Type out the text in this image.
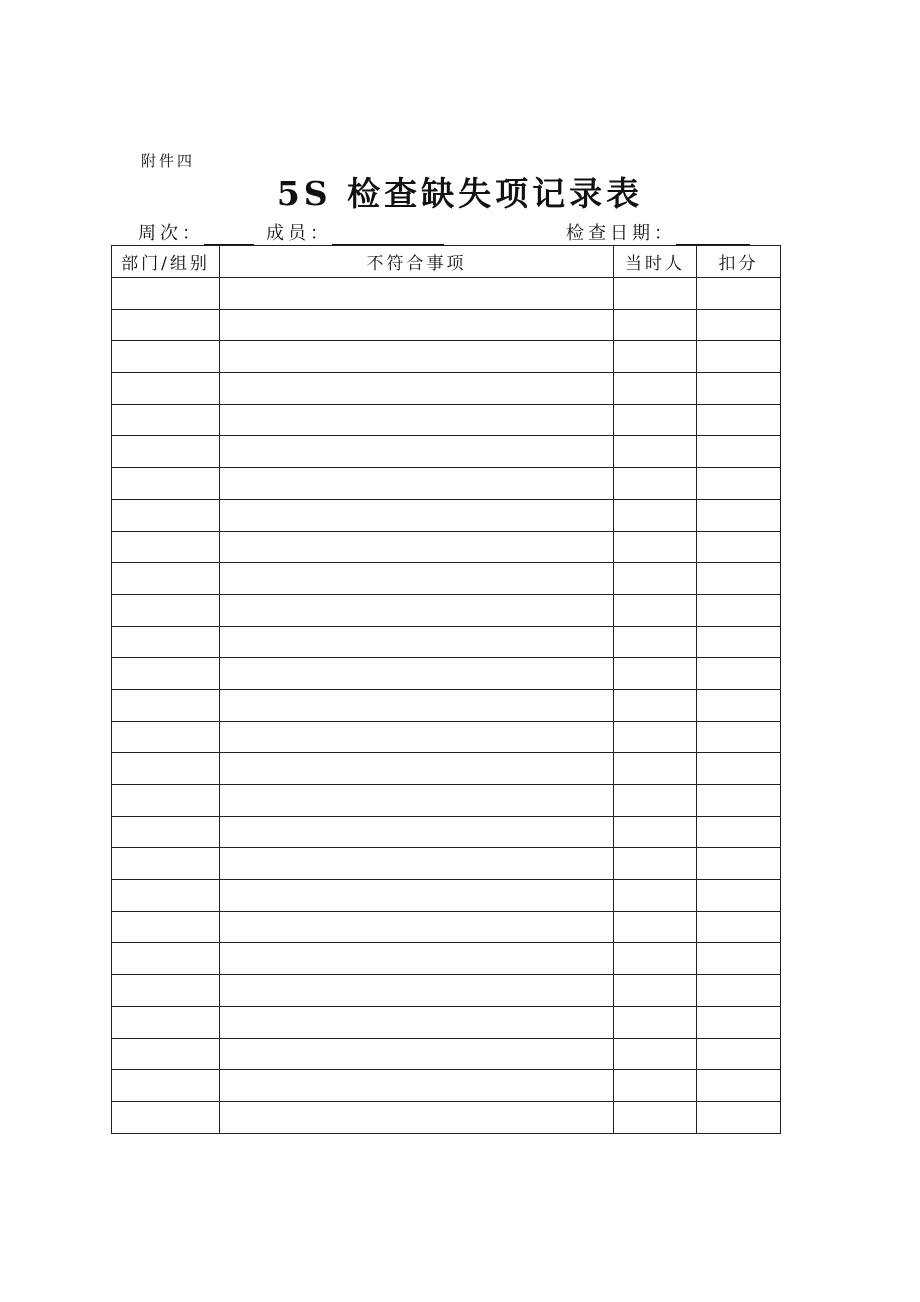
附件四
5S 检查缺失项记录表
周次：	成员：	检查日期：
部门/组别	不符合事项	当时人	扣分
